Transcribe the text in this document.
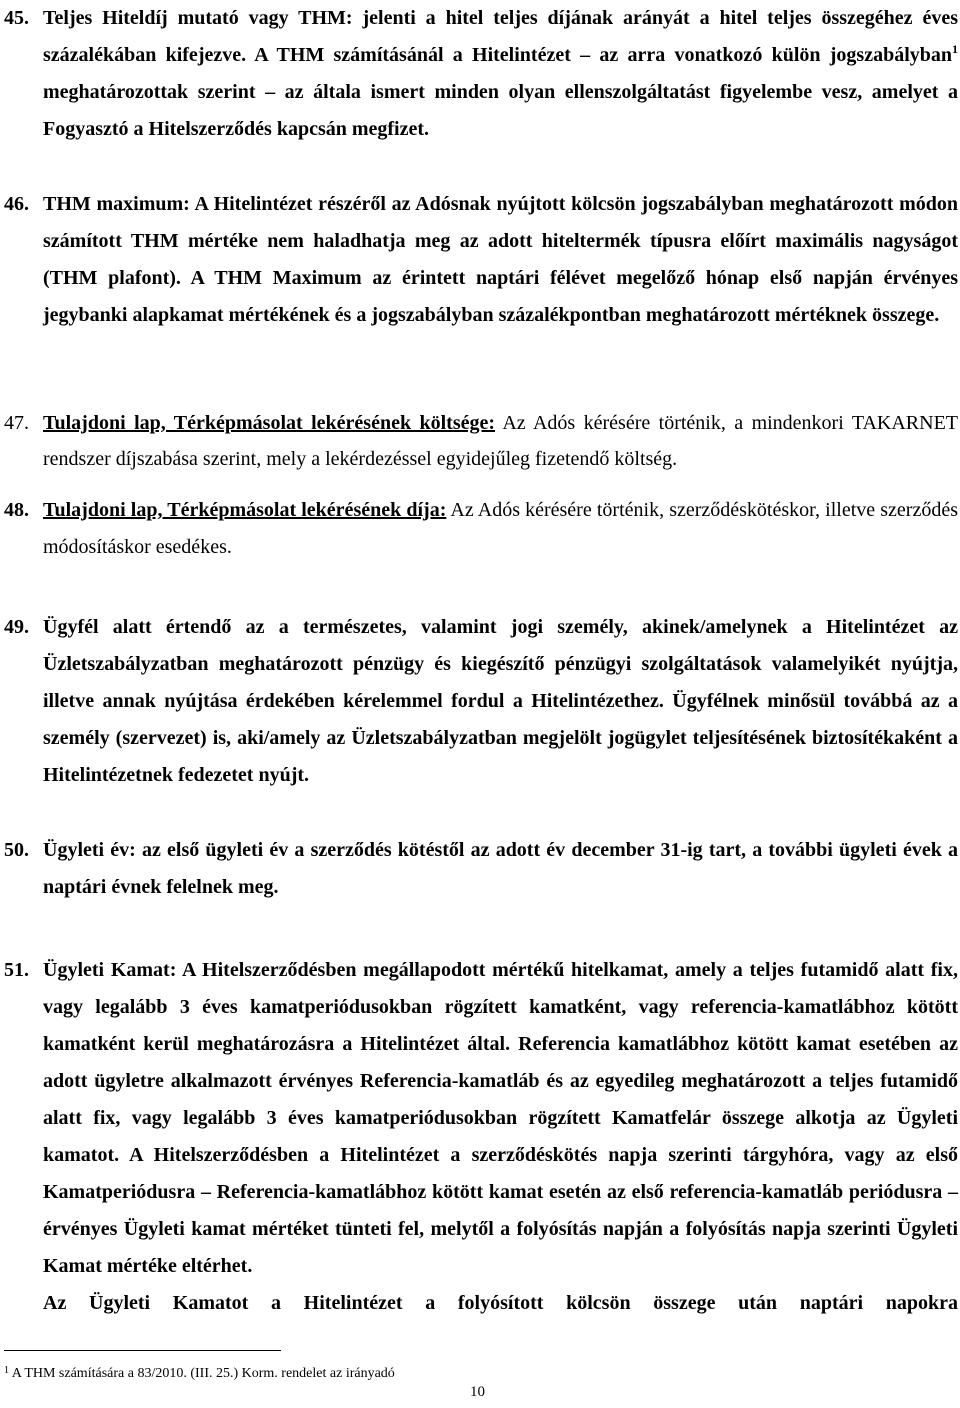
45. Teljes Hiteldíj mutató vagy THM: jelenti a hitel teljes díjának arányát a hitel teljes összegéhez éves százalékában kifejezve. A THM számításánál a Hitelintézet – az arra vonatkozó külön jogszabályban$^1$ meghatározottak szerint – az általa ismert minden olyan ellenszolgáltatást figyelembe vesz, amelyet a Fogyasztó a Hitelszerződés kapcsán megfizet.
46. THM maximum: A Hitelintézet részéről az Adósnak nyújtott kölcsön jogszabályban meghatározott módon számított THM mértéke nem haladhatja meg az adott hiteltermék típusra előírt maximális nagyságot (THM plafont). A THM Maximum az érintett naptári félévet megelőző hónap első napján érvényes jegybanki alapkamat mértékének és a jogszabályban százalékpontban meghatározott mértéknek összege.
47. Tulajdoni lap, Térképmásolat lekérésének költsége: Az Adós kérésére történik, a mindenkori TAKARNET rendszer díjszabása szerint, mely a lekérdezéssel egyidejűleg fizetendő költség.
48. Tulajdoni lap, Térképmásolat lekérésének díja: Az Adós kérésére történik, szerződéskötéskor, illetve szerződés módosításkor esedékes.
49. Ügyfél alatt értendő az a természetes, valamint jogi személy, akinek/amelynek a Hitelintézet az Üzletszabályzatban meghatározott pénzügy és kiegészítő pénzügyi szolgáltatások valamelyikét nyújtja, illetve annak nyújtása érdekében kérelemmel fordul a Hitelintézethez. Ügyfélnek minősül továbbá az a személy (szervezet) is, aki/amely az Üzletszabályzatban megjelölt jogügylet teljesítésének biztosítékaként a Hitelintézetnek fedezetet nyújt.
50. Ügyleti év: az első ügyleti év a szerződés kötéstől az adott év december 31-ig tart, a további ügyleti évek a naptári évnek felelnek meg.
51. Ügyleti Kamat: A Hitelszerződésben megállapodott mértékű hitelkamat, amely a teljes futamidő alatt fix, vagy legalább 3 éves kamatperiódusokban rögzített kamatként, vagy referencia-kamatlábhoz kötött kamatként kerül meghatározásra a Hitelintézet által. Referencia kamatlábhoz kötött kamat esetében az adott ügyletre alkalmazott érvényes Referencia-kamatláb és az egyedileg meghatározott a teljes futamidő alatt fix, vagy legalább 3 éves kamatperiódusokban rögzített Kamatfelár összege alkotja az Ügyleti kamatot. A Hitelszerződésben a Hitelintézet a szerződéskötés napja szerinti tárgyhóra, vagy az első Kamatperiódusra – Referencia-kamatlábhoz kötött kamat esetén az első referencia-kamatláb periódusra – érvényes Ügyleti kamat mértéket tünteti fel, melytől a folyósítás napján a folyósítás napja szerinti Ügyleti Kamat mértéke eltérhet.
Az Ügyleti Kamatot a Hitelintézet a folyósított kölcsön összege után naptári napokra
$^1$ A THM számítására a 83/2010. (III. 25.) Korm. rendelet az irányadó
10
